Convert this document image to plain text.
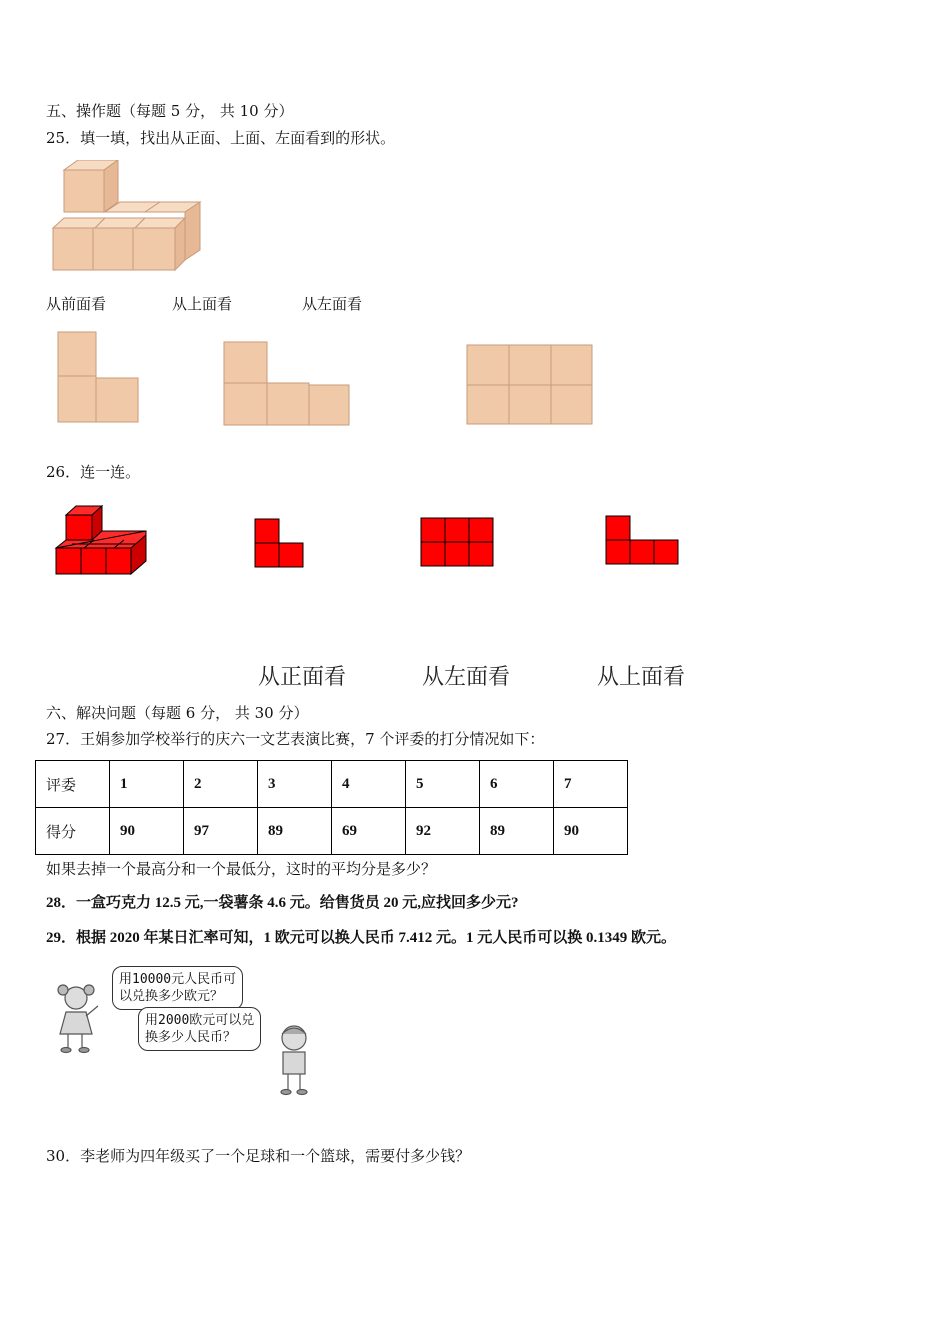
五、操作题（每题 5 分， 共 10 分）
25．填一填，找出从正面、上面、左面看到的形状。
从前面看	从上面看	从左面看
26．连一连。
从正面看	从左面看	从上面看
六、解决问题（每题 6 分， 共 30 分）
27．王娟参加学校举行的庆六一文艺表演比赛，7 个评委的打分情况如下：
评委	1	2	3	4	5	6	7
得分	90	97	89	69	92	89	90
如果去掉一个最高分和一个最低分，这时的平均分是多少？
28．一盒巧克力 12.5 元,一袋薯条 4.6 元。给售货员 20 元,应找回多少元?
29．根据 2020 年某日汇率可知，1 欧元可以换人民币 7.412 元。1 元人民币可以换 0.1349 欧元。
用10000元人民币可
以兑换多少欧元？
用2000欧元可以兑
换多少人民币？
30．李老师为四年级买了一个足球和一个篮球，需要付多少钱？
